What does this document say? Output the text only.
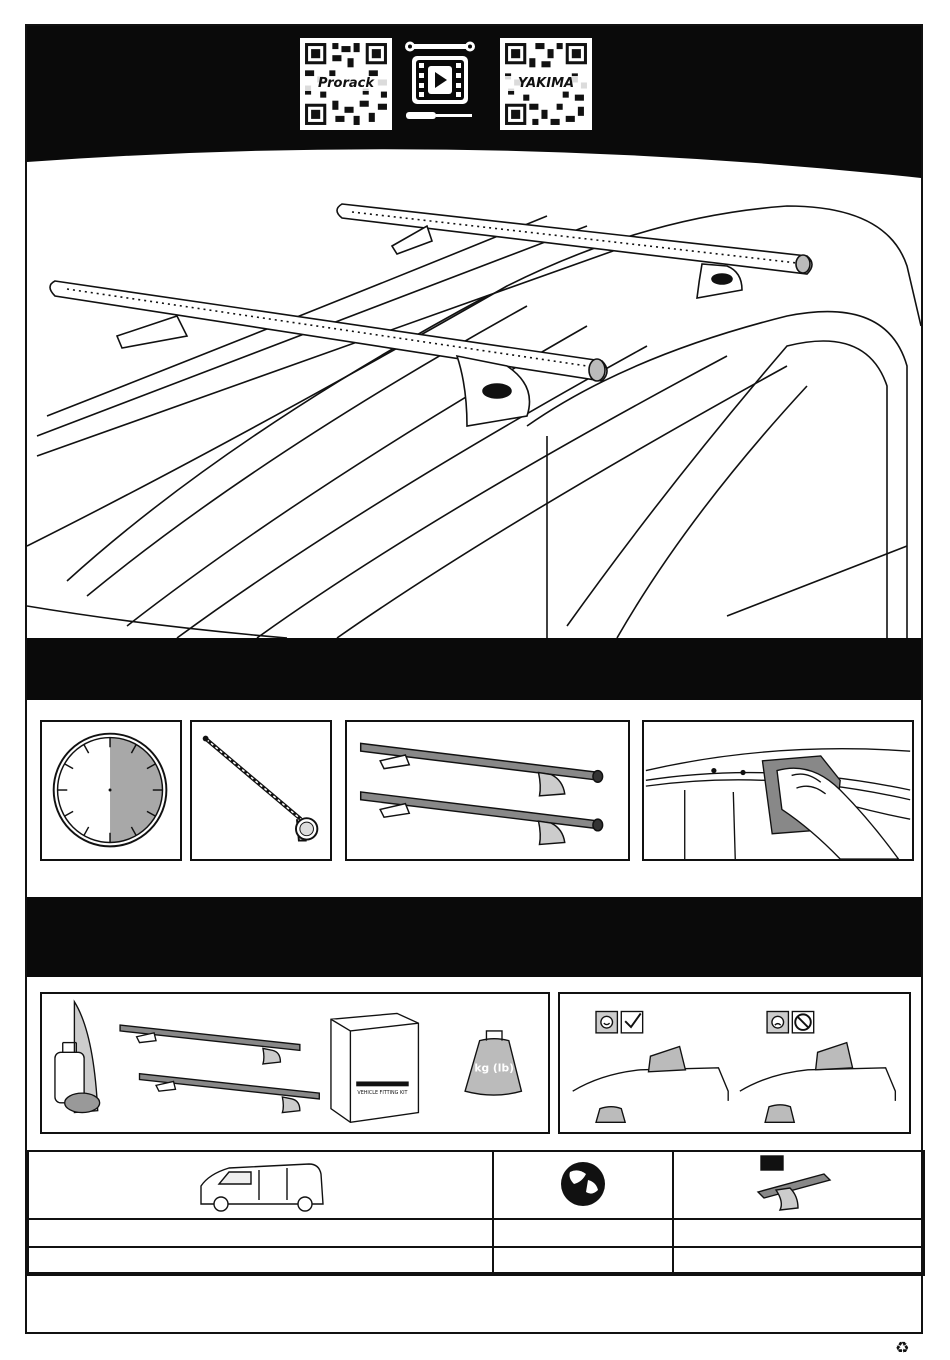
Prorack	YAKIMA
VEHICLE FITTING KIT
kg (lb)

♻
